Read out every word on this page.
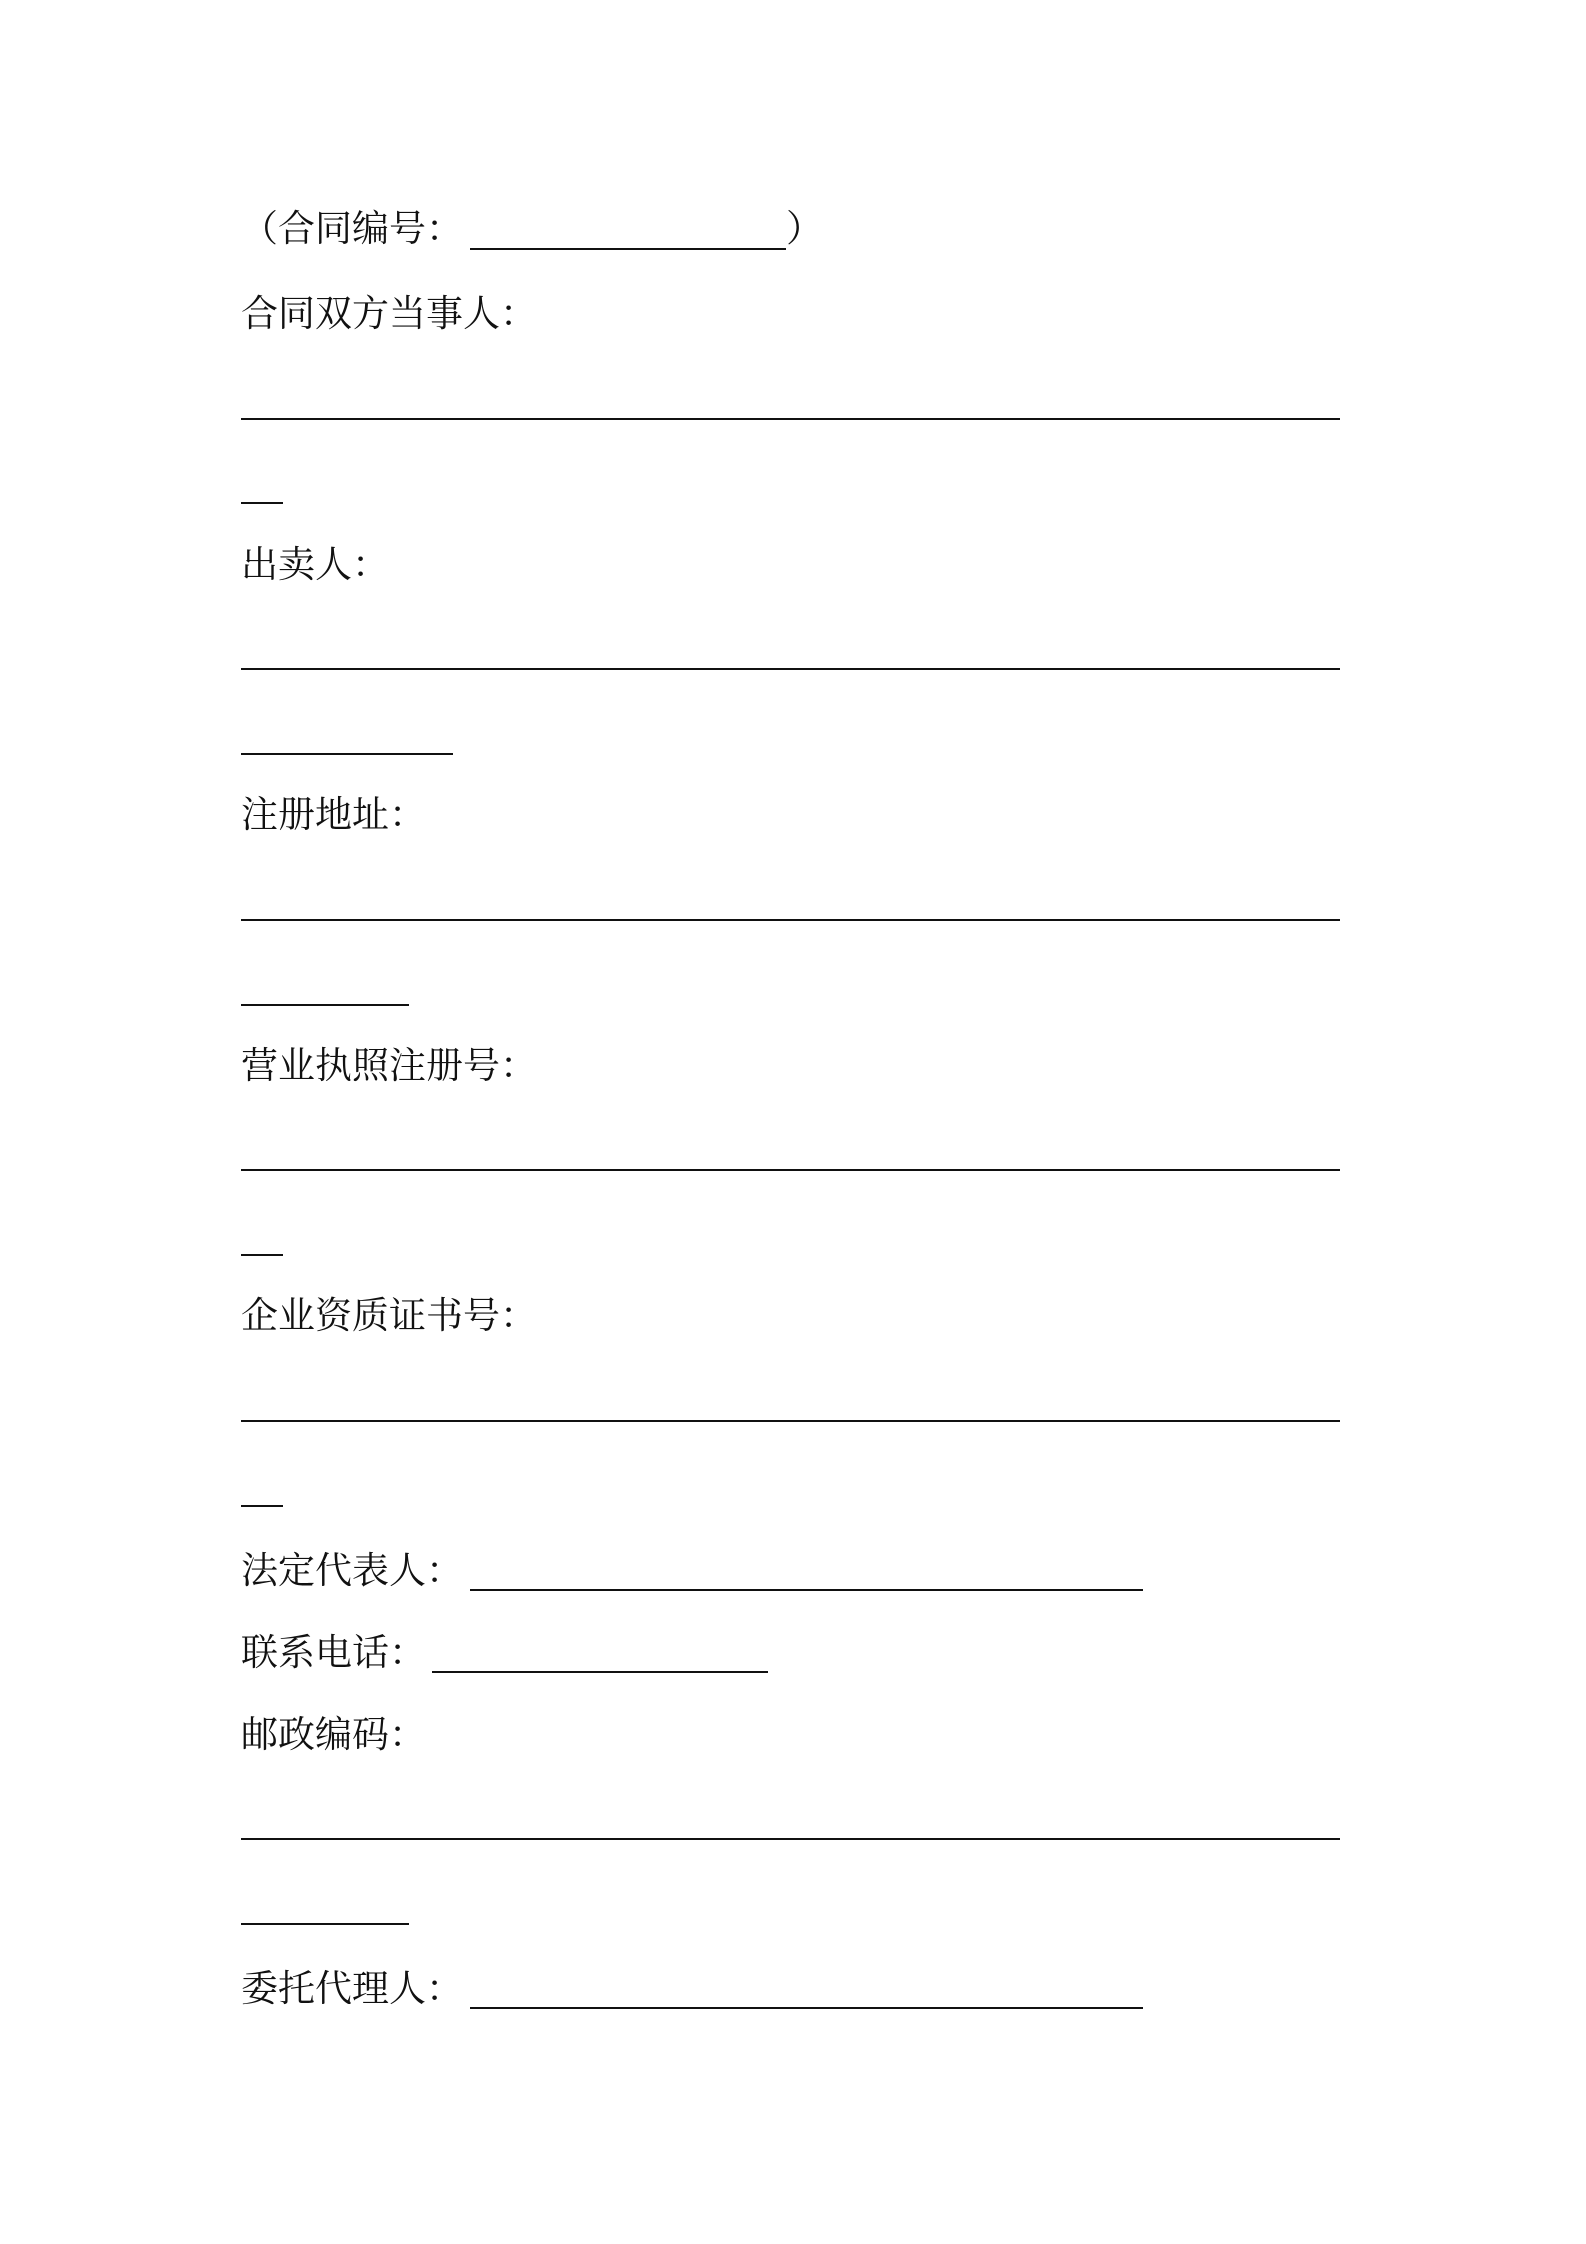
（合同编号：	）
合同双方当事人：
出卖人：
注册地址：
营业执照注册号：
企业资质证书号：
法定代表人：
联系电话：
邮政编码：
委托代理人：
